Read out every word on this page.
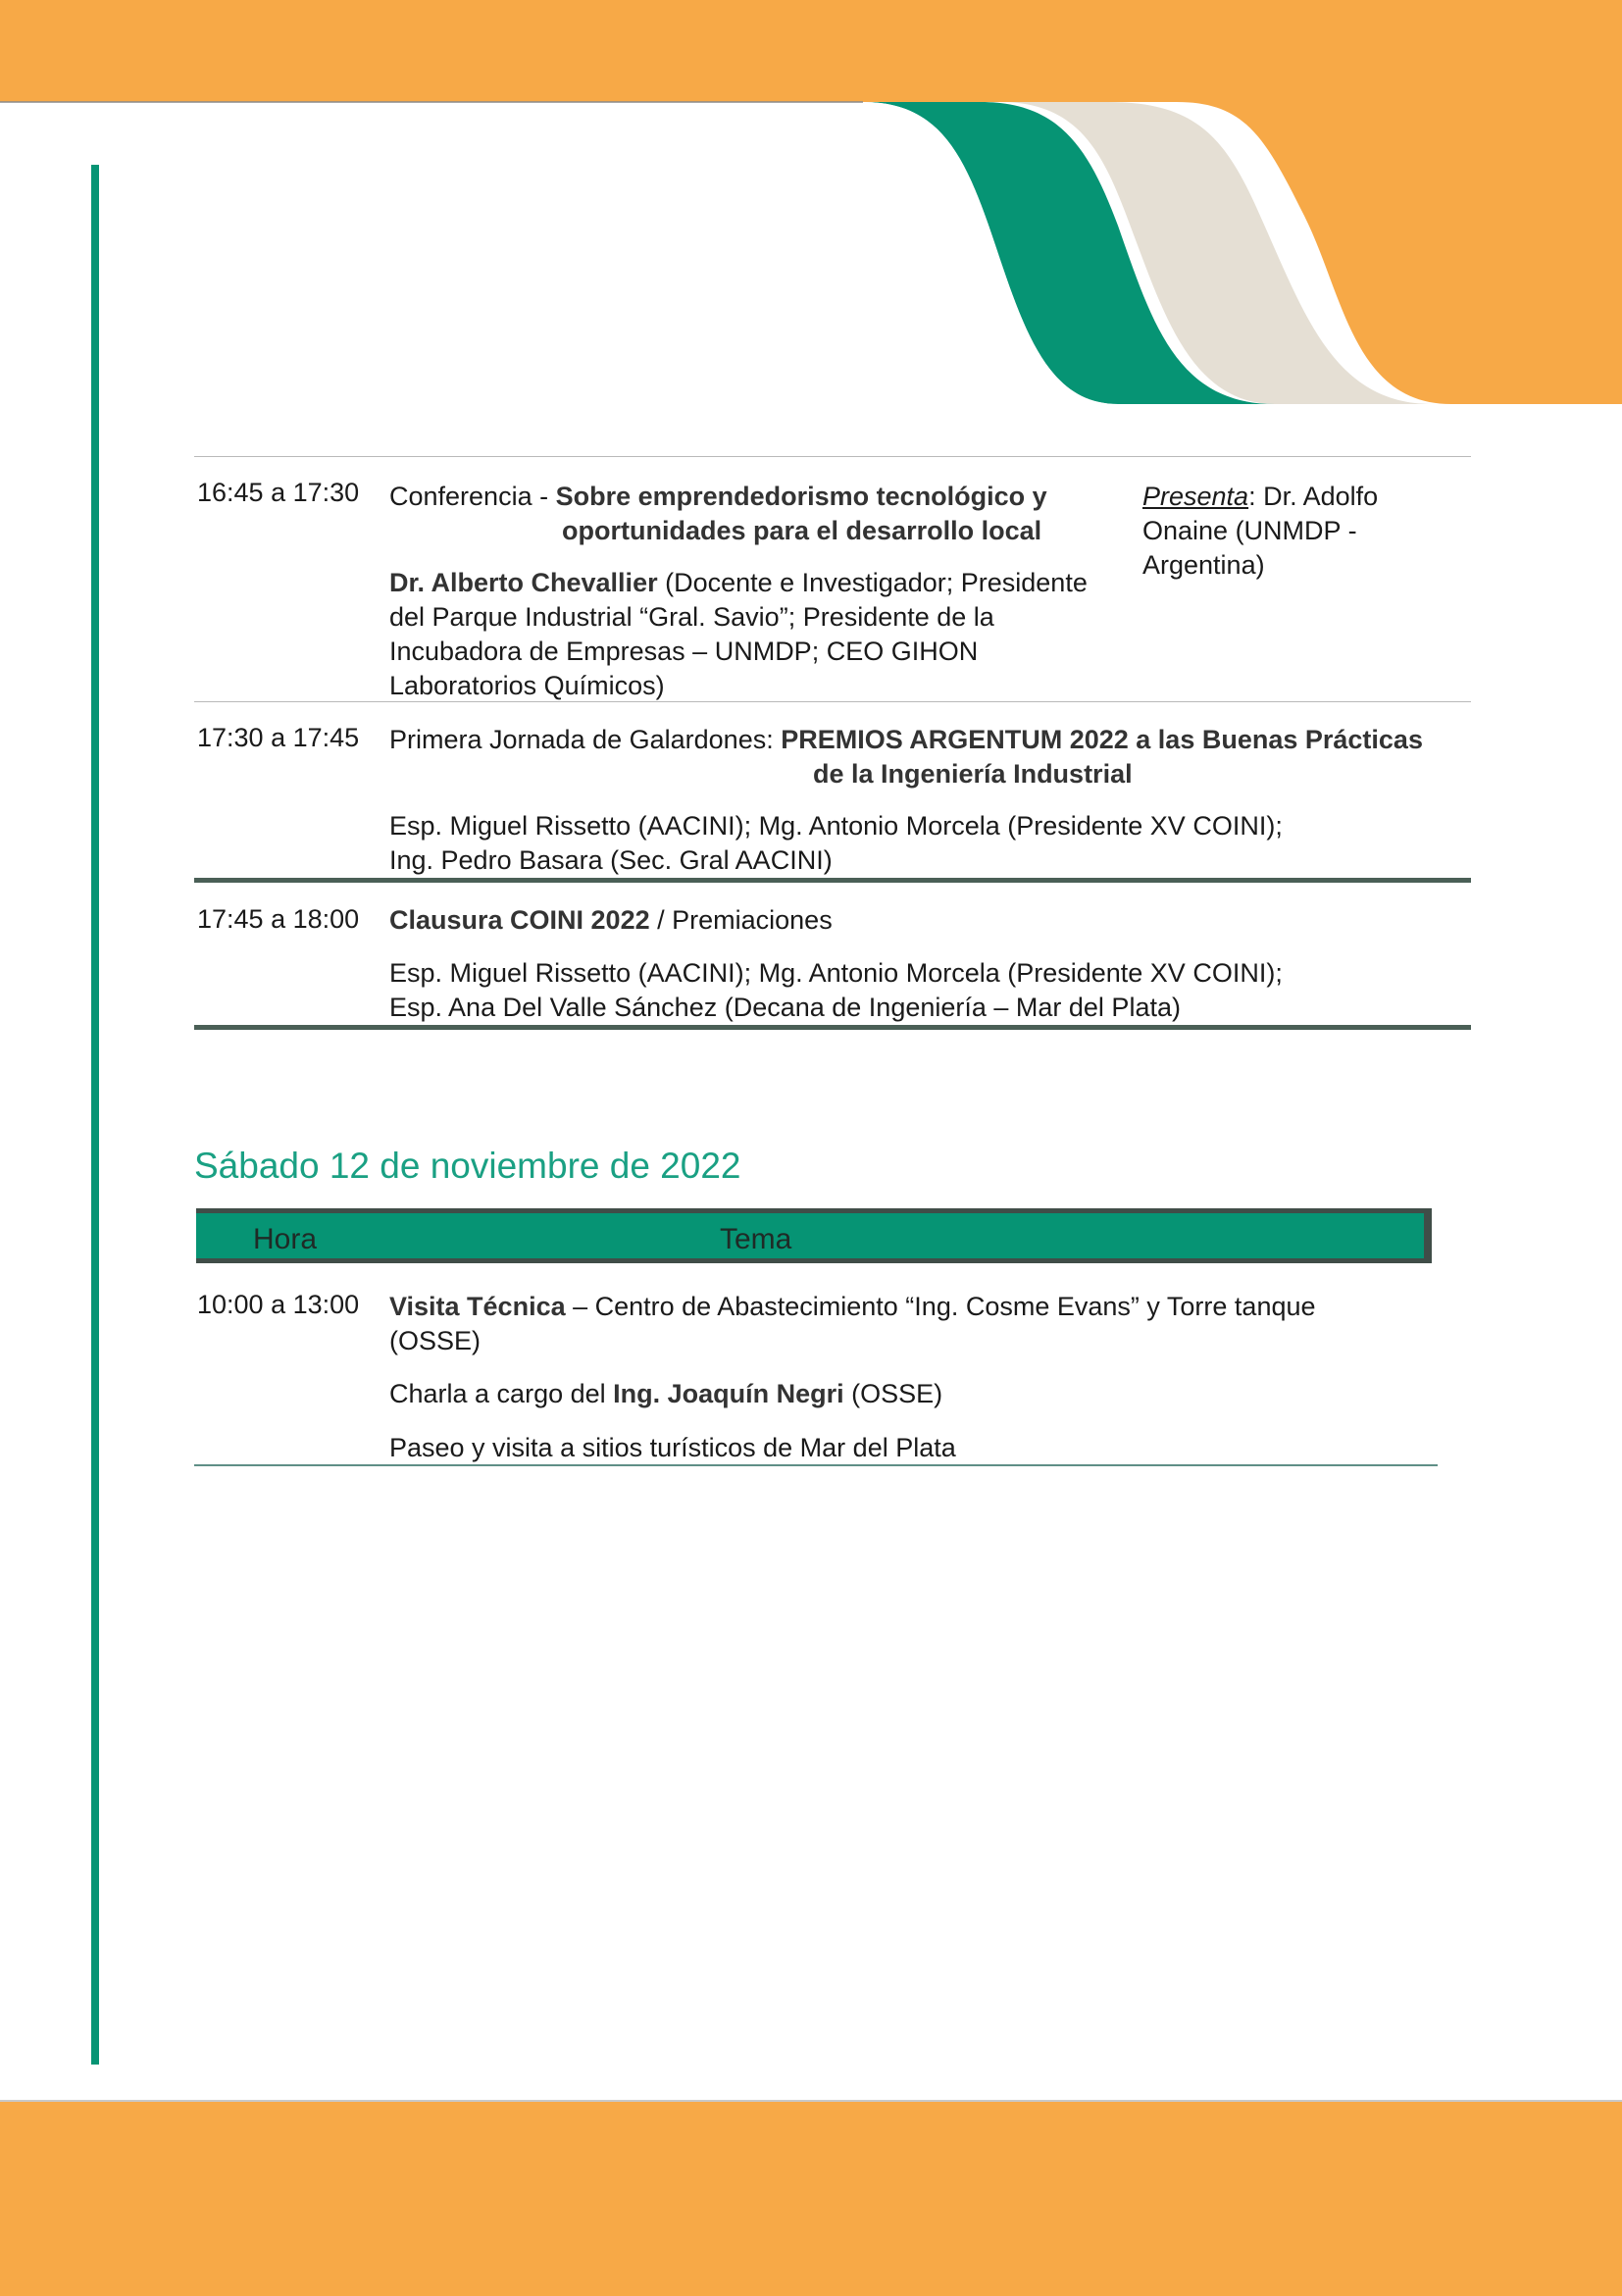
16:45 a 17:30 Conferencia - Sobre emprendedorismo tecnológico y
oportunidades para el desarrollo local
Dr. Alberto Chevallier (Docente e Investigador; Presidente
del Parque Industrial “Gral. Savio”; Presidente de la
Incubadora de Empresas – UNMDP; CEO GIHON
Laboratorios Químicos)
Presenta: Dr. Adolfo
Onaine (UNMDP -
Argentina)
17:30 a 17:45 Primera Jornada de Galardones: PREMIOS ARGENTUM 2022 a las Buenas Prácticas
de la Ingeniería Industrial
Esp. Miguel Rissetto (AACINI); Mg. Antonio Morcela (Presidente XV COINI);
Ing. Pedro Basara (Sec. Gral AACINI)
17:45 a 18:00 Clausura COINI 2022 / Premiaciones
Esp. Miguel Rissetto (AACINI); Mg. Antonio Morcela (Presidente XV COINI);
Esp. Ana Del Valle Sánchez (Decana de Ingeniería – Mar del Plata)
Sábado 12 de noviembre de 2022
Hora	Tema
10:00 a 13:00 Visita Técnica – Centro de Abastecimiento “Ing. Cosme Evans” y Torre tanque
(OSSE)
Charla a cargo del Ing. Joaquín Negri (OSSE)
Paseo y visita a sitios turísticos de Mar del Plata
